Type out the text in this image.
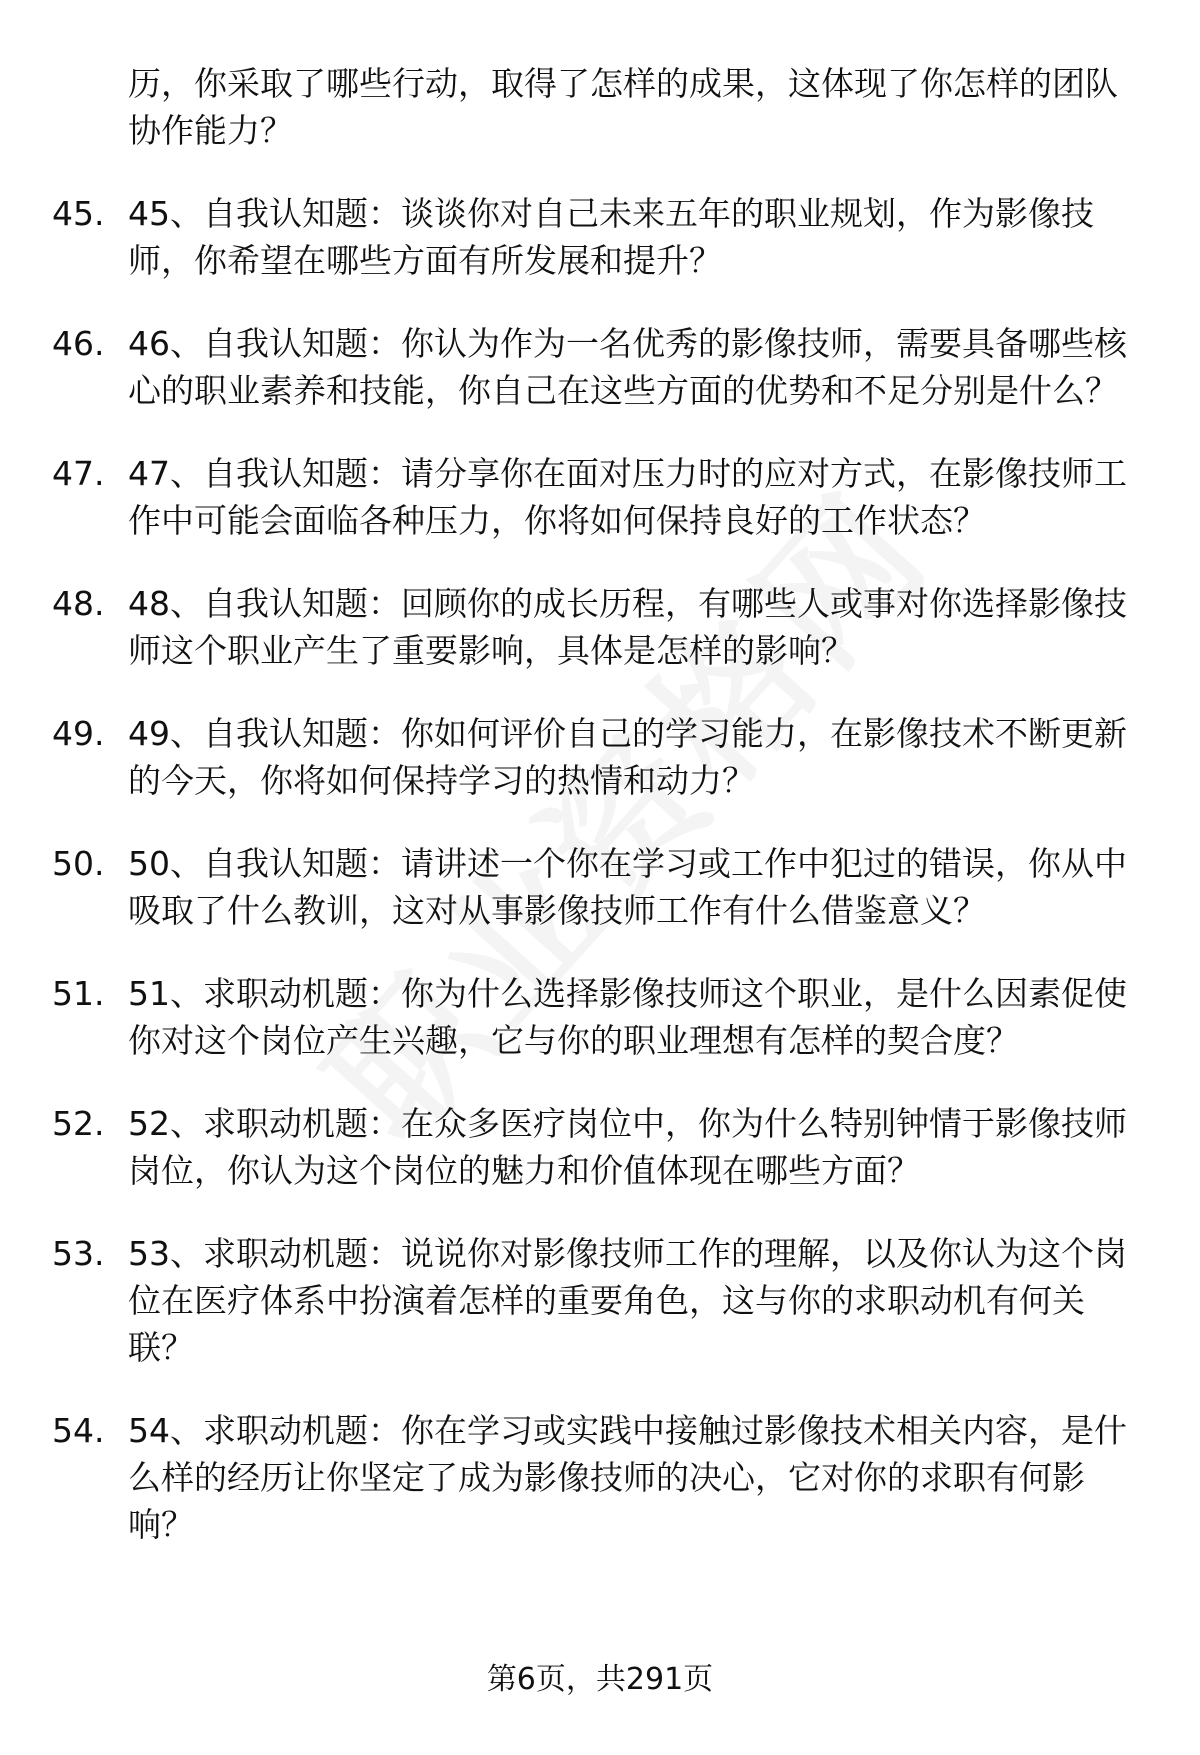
历，你采取了哪些行动，取得了怎样的成果，这体现了你怎样的团队协作能力？
45. 45、自我认知题：谈谈你对自己未来五年的职业规划，作为影像技师，你希望在哪些方面有所发展和提升？
46. 46、自我认知题：你认为作为一名优秀的影像技师，需要具备哪些核心的职业素养和技能，你自己在这些方面的优势和不足分别是什么？
47. 47、自我认知题：请分享你在面对压力时的应对方式，在影像技师工作中可能会面临各种压力，你将如何保持良好的工作状态？
48. 48、自我认知题：回顾你的成长历程，有哪些人或事对你选择影像技师这个职业产生了重要影响，具体是怎样的影响？
49. 49、自我认知题：你如何评价自己的学习能力，在影像技术不断更新的今天，你将如何保持学习的热情和动力？
50. 50、自我认知题：请讲述一个你在学习或工作中犯过的错误，你从中吸取了什么教训，这对从事影像技师工作有什么借鉴意义？
51. 51、求职动机题：你为什么选择影像技师这个职业，是什么因素促使你对这个岗位产生兴趣，它与你的职业理想有怎样的契合度？
52. 52、求职动机题：在众多医疗岗位中，你为什么特别钟情于影像技师岗位，你认为这个岗位的魅力和价值体现在哪些方面？
53. 53、求职动机题：说说你对影像技师工作的理解，以及你认为这个岗位在医疗体系中扮演着怎样的重要角色，这与你的求职动机有何关联？
54. 54、求职动机题：你在学习或实践中接触过影像技术相关内容，是什么样的经历让你坚定了成为影像技师的决心，它对你的求职有何影响？
第6页，共291页
